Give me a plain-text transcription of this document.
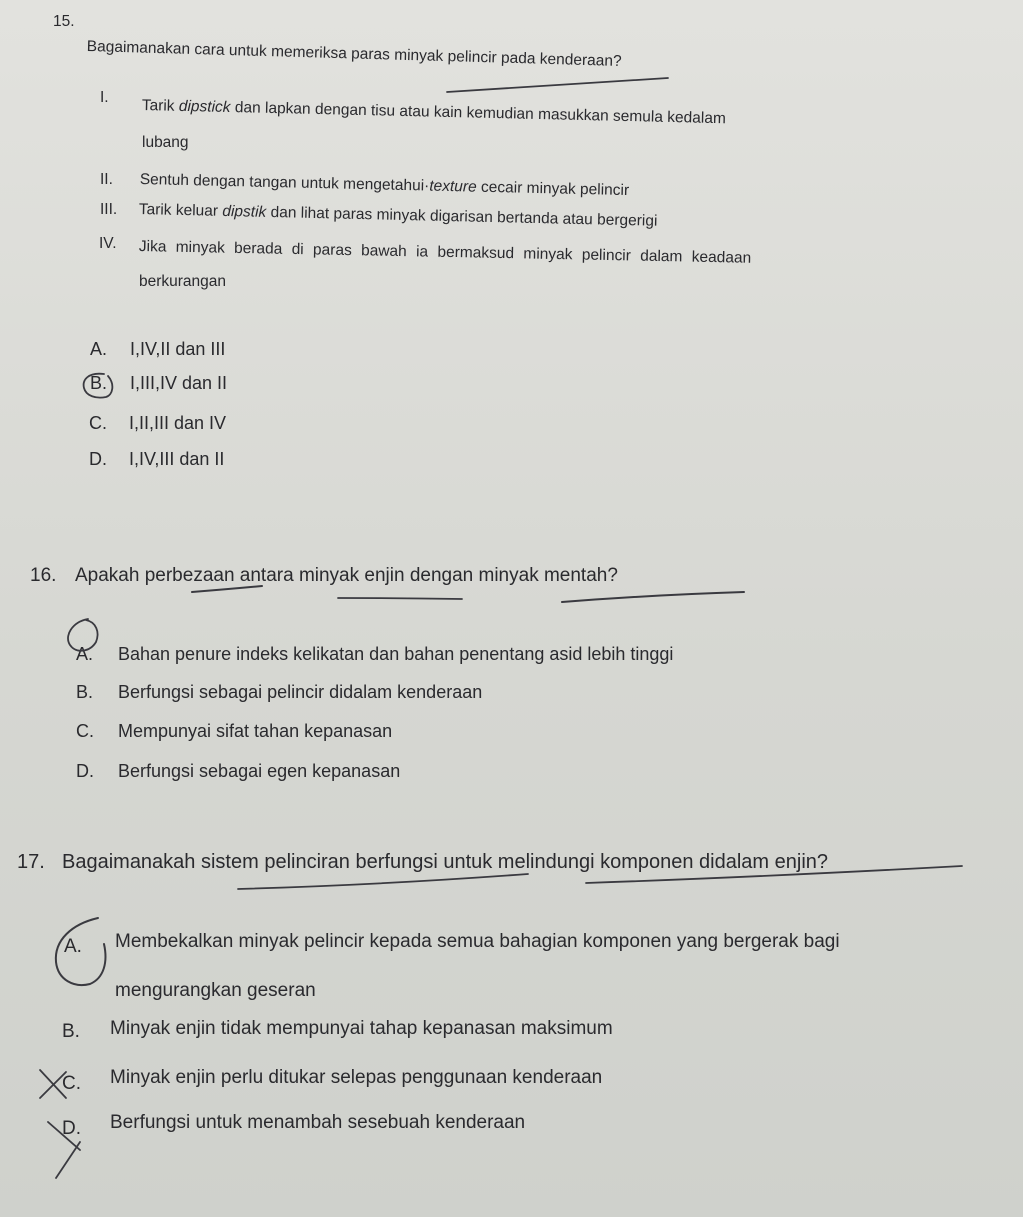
15.
Bagaimanakan cara untuk memeriksa paras minyak pelincir pada kenderaan?
I. Tarik dipstick dan lapkan dengan tisu atau kain kemudian masukkan semula kedalam
lubang
II. Sentuh dengan tangan untuk mengetahui·texture cecair minyak pelincir
III. Tarik keluar dipstik dan lihat paras minyak digarisan bertanda atau bergerigi
IV. Jika minyak berada di paras bawah ia bermaksud minyak pelincir dalam keadaan
berkurangan
A. I,IV,II dan III
B. I,III,IV dan II
C. I,II,III dan IV
D. I,IV,III dan II
16. Apakah perbezaan antara minyak enjin dengan minyak mentah?
A. Bahan penure indeks kelikatan dan bahan penentang asid lebih tinggi
B. Berfungsi sebagai pelincir didalam kenderaan
C. Mempunyai sifat tahan kepanasan
D. Berfungsi sebagai egen kepanasan
17. Bagaimanakah sistem pelinciran berfungsi untuk melindungi komponen didalam enjin?
A. Membekalkan minyak pelincir kepada semua bahagian komponen yang bergerak bagi
mengurangkan geseran
B. Minyak enjin tidak mempunyai tahap kepanasan maksimum
C. Minyak enjin perlu ditukar selepas penggunaan kenderaan
D. Berfungsi untuk menambah sesebuah kenderaan
